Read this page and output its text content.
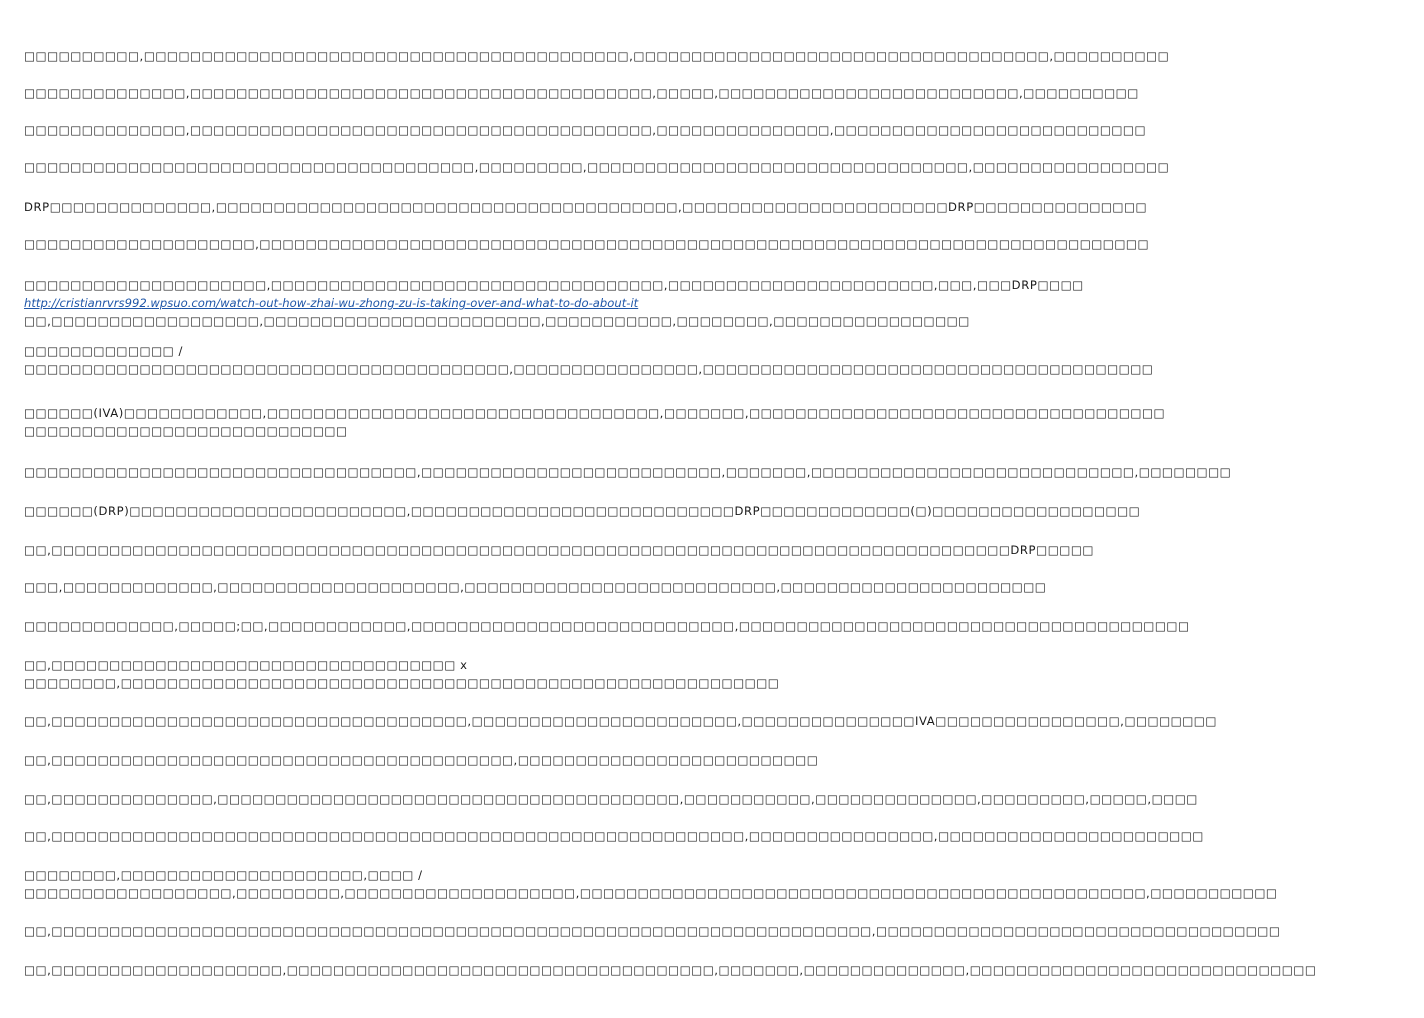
□□□□□□□□□□,□□□□□□□□□□□□□□□□□□□□□□□□□□□□□□□□□□□□□□□□□□,□□□□□□□□□□□□□□□□□□□□□□□□□□□□□□□□□□□□,□□□□□□□□□□

□□□□□□□□□□□□□□,□□□□□□□□□□□□□□□□□□□□□□□□□□□□□□□□□□□□□□□□,□□□□□,□□□□□□□□□□□□□□□□□□□□□□□□□□,□□□□□□□□□□

□□□□□□□□□□□□□□,□□□□□□□□□□□□□□□□□□□□□□□□□□□□□□□□□□□□□□□□,□□□□□□□□□□□□□□□,□□□□□□□□□□□□□□□□□□□□□□□□□□□

□□□□□□□□□□□□□□□□□□□□□□□□□□□□□□□□□□□□□□□,□□□□□□□□□,□□□□□□□□□□□□□□□□□□□□□□□□□□□□□□□□□,□□□□□□□□□□□□□□□□□

DRP□□□□□□□□□□□□□□,□□□□□□□□□□□□□□□□□□□□□□□□□□□□□□□□□□□□□□□□,□□□□□□□□□□□□□□□□□□□□□□□DRP□□□□□□□□□□□□□□□

□□□□□□□□□□□□□□□□□□□□,□□□□□□□□□□□□□□□□□□□□□□□□□□□□□□□□□□□□□□□□□□□□□□□□□□□□□□□□□□□□□□□□□□□□□□□□□□□□□

□□□□□□□□□□□□□□□□□□□□□,□□□□□□□□□□□□□□□□□□□□□□□□□□□□□□□□□□,□□□□□□□□□□□□□□□□□□□□□□□,□□□,□□□DRP□□□□
http://cristianrvrs992.wpsuo.com/watch-out-how-zhai-wu-zhong-zu-is-taking-over-and-what-to-do-about-it
□□,□□□□□□□□□□□□□□□□□□,□□□□□□□□□□□□□□□□□□□□□□□□,□□□□□□□□□□□,□□□□□□□□,□□□□□□□□□□□□□□□□□

□□□□□□□□□□□□□ /
□□□□□□□□□□□□□□□□□□□□□□□□□□□□□□□□□□□□□□□□□□,□□□□□□□□□□□□□□□□,□□□□□□□□□□□□□□□□□□□□□□□□□□□□□□□□□□□□□□□

□□□□□□(IVA)□□□□□□□□□□□□,□□□□□□□□□□□□□□□□□□□□□□□□□□□□□□□□□□,□□□□□□□,□□□□□□□□□□□□□□□□□□□□□□□□□□□□□□□□□□□□
□□□□□□□□□□□□□□□□□□□□□□□□□□□□

□□□□□□□□□□□□□□□□□□□□□□□□□□□□□□□□□□,□□□□□□□□□□□□□□□□□□□□□□□□□□,□□□□□□□,□□□□□□□□□□□□□□□□□□□□□□□□□□□□,□□□□□□□□

□□□□□□(DRP)□□□□□□□□□□□□□□□□□□□□□□□□,□□□□□□□□□□□□□□□□□□□□□□□□□□□□DRP□□□□□□□□□□□□□(□)□□□□□□□□□□□□□□□□□□

□□,□□□□□□□□□□□□□□□□□□□□□□□□□□□□□□□□□□□□□□□□□□□□□□□□□□□□□□□□□□□□□□□□□□□□□□□□□□□□□□□□□□□DRP□□□□□

□□□,□□□□□□□□□□□□□,□□□□□□□□□□□□□□□□□□□□□,□□□□□□□□□□□□□□□□□□□□□□□□□□□,□□□□□□□□□□□□□□□□□□□□□□□

□□□□□□□□□□□□□,□□□□□;□□,□□□□□□□□□□□□,□□□□□□□□□□□□□□□□□□□□□□□□□□□□,□□□□□□□□□□□□□□□□□□□□□□□□□□□□□□□□□□□□□□□

□□,□□□□□□□□□□□□□□□□□□□□□□□□□□□□□□□□□□□ x
□□□□□□□□,□□□□□□□□□□□□□□□□□□□□□□□□□□□□□□□□□□□□□□□□□□□□□□□□□□□□□□□□□

□□,□□□□□□□□□□□□□□□□□□□□□□□□□□□□□□□□□□□□,□□□□□□□□□□□□□□□□□□□□□□□,□□□□□□□□□□□□□□□IVA□□□□□□□□□□□□□□□□,□□□□□□□□

□□,□□□□□□□□□□□□□□□□□□□□□□□□□□□□□□□□□□□□□□□□,□□□□□□□□□□□□□□□□□□□□□□□□□□

□□,□□□□□□□□□□□□□□,□□□□□□□□□□□□□□□□□□□□□□□□□□□□□□□□□□□□□□□□,□□□□□□□□□□□,□□□□□□□□□□□□□□,□□□□□□□□□,□□□□□,□□□□

□□,□□□□□□□□□□□□□□□□□□□□□□□□□□□□□□□□□□□□□□□□□□□□□□□□□□□□□□□□□□□□,□□□□□□□□□□□□□□□□,□□□□□□□□□□□□□□□□□□□□□□□

□□□□□□□□,□□□□□□□□□□□□□□□□□□□□□,□□□□ /
□□□□□□□□□□□□□□□□□□,□□□□□□□□□,□□□□□□□□□□□□□□□□□□□□,□□□□□□□□□□□□□□□□□□□□□□□□□□□□□□□□□□□□□□□□□□□□□□□□□,□□□□□□□□□□□

□□,□□□□□□□□□□□□□□□□□□□□□□□□□□□□□□□□□□□□□□□□□□□□□□□□□□□□□□□□□□□□□□□□□□□□□□□,□□□□□□□□□□□□□□□□□□□□□□□□□□□□□□□□□□□

□□,□□□□□□□□□□□□□□□□□□□□,□□□□□□□□□□□□□□□□□□□□□□□□□□□□□□□□□□□□□,□□□□□□□,□□□□□□□□□□□□□□,□□□□□□□□□□□□□□□□□□□□□□□□□□□□□□
